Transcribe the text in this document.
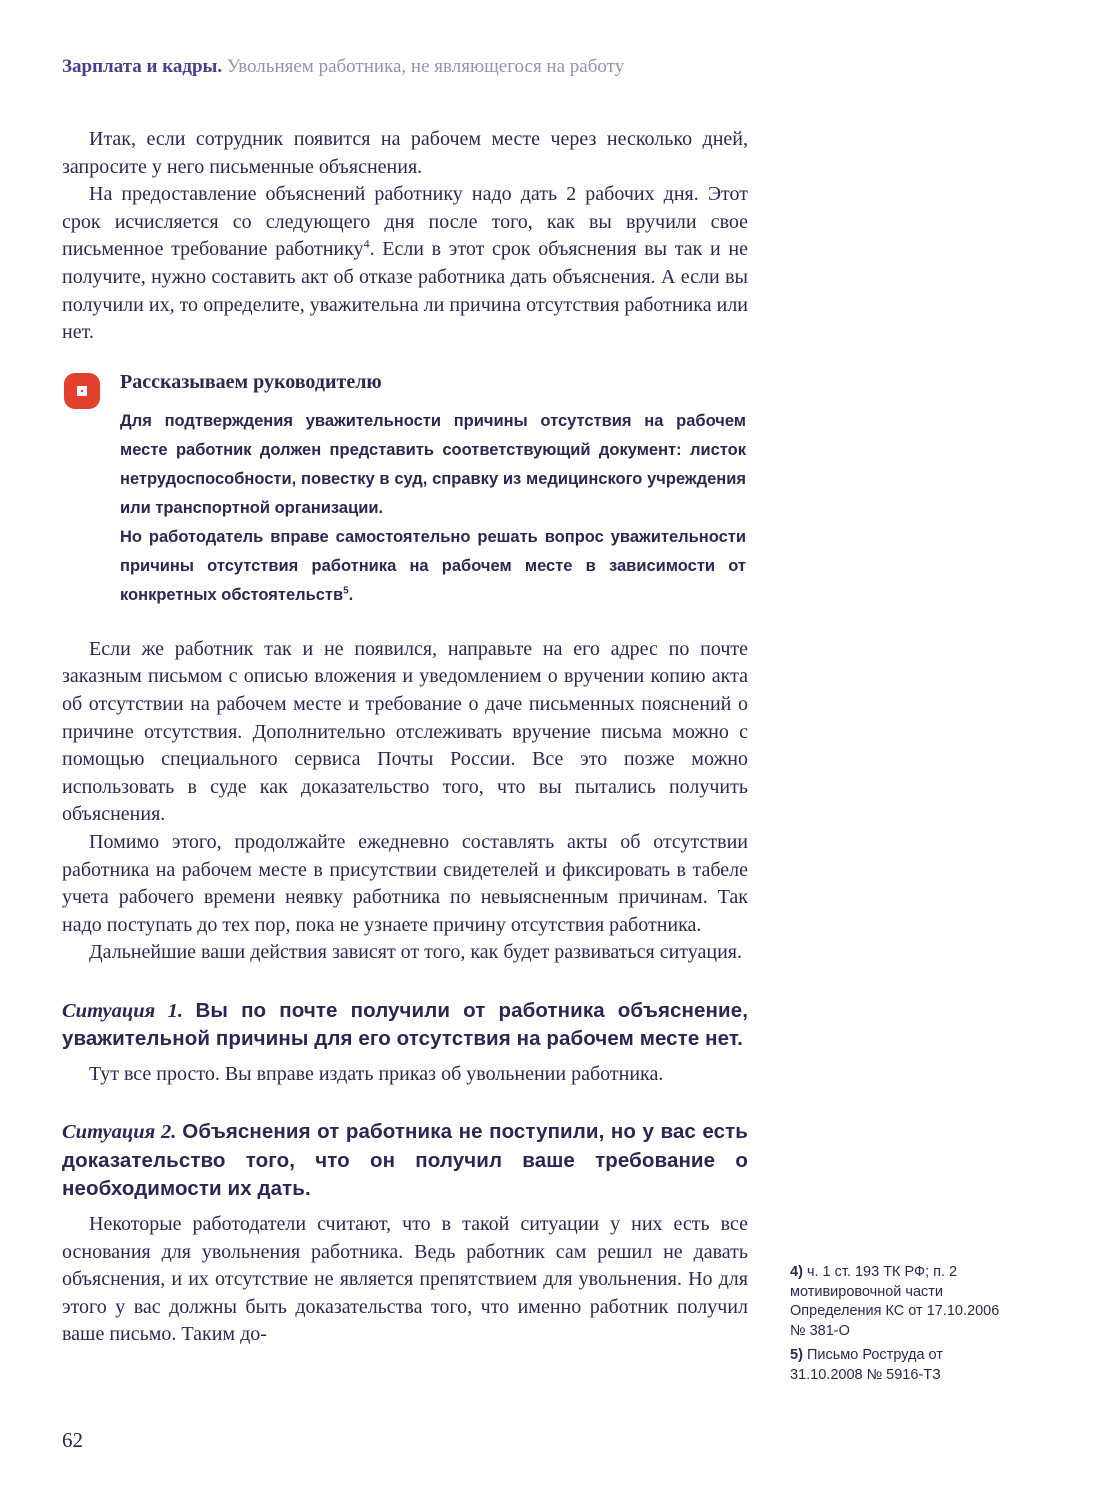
Зарплата и кадры. Увольняем работника, не являющегося на работу

Итак, если сотрудник появится на рабочем месте через несколько дней, запросите у него письменные объяснения.

На предоставление объяснений работнику надо дать 2 рабочих дня. Этот срок исчисляется со следующего дня после того, как вы вручили свое письменное требование работнику$^4$. Если в этот срок объяснения вы так и не получите, нужно составить акт об отказе работника дать объяснения. А если вы получили их, то определите, уважительна ли причина отсутствия работника или нет.

Рассказываем руководителю

Для подтверждения уважительности причины отсутствия на рабочем месте работник должен представить соответствующий документ: листок нетрудоспособности, повестку в суд, справку из медицинского учреждения или транспортной организации.

Но работодатель вправе самостоятельно решать вопрос уважительности причины отсутствия работника на рабочем месте в зависимости от конкретных обстоятельств$^5$.

Если же работник так и не появился, направьте на его адрес по почте заказным письмом с описью вложения и уведомлением о вручении копию акта об отсутствии на рабочем месте и требование о даче письменных пояснений о причине отсутствия. Дополнительно отслеживать вручение письма можно с помощью специального сервиса Почты России. Все это позже можно использовать в суде как доказательство того, что вы пытались получить объяснения.

Помимо этого, продолжайте ежедневно составлять акты об отсутствии работника на рабочем месте в присутствии свидетелей и фиксировать в табеле учета рабочего времени неявку работника по невыясненным причинам. Так надо поступать до тех пор, пока не узнаете причину отсутствия работника.

Дальнейшие ваши действия зависят от того, как будет развиваться ситуация.

Ситуация 1. Вы по почте получили от работника объяснение, уважительной причины для его отсутствия на рабочем месте нет.

Тут все просто. Вы вправе издать приказ об увольнении работника.

Ситуация 2. Объяснения от работника не поступили, но у вас есть доказательство того, что он получил ваше требование о необходимости их дать.

Некоторые работодатели считают, что в такой ситуации у них есть все основания для увольнения работника. Ведь работник сам решил не давать объяснения, и их отсутствие не является препятствием для увольнения. Но для этого у вас должны быть доказательства того, что именно работник получил ваше письмо. Таким до-

4) ч. 1 ст. 193 ТК РФ; п. 2 мотивировочной части Определения КС от 17.10.2006 № 381-О

5) Письмо Роструда от 31.10.2008 № 5916-ТЗ

62
